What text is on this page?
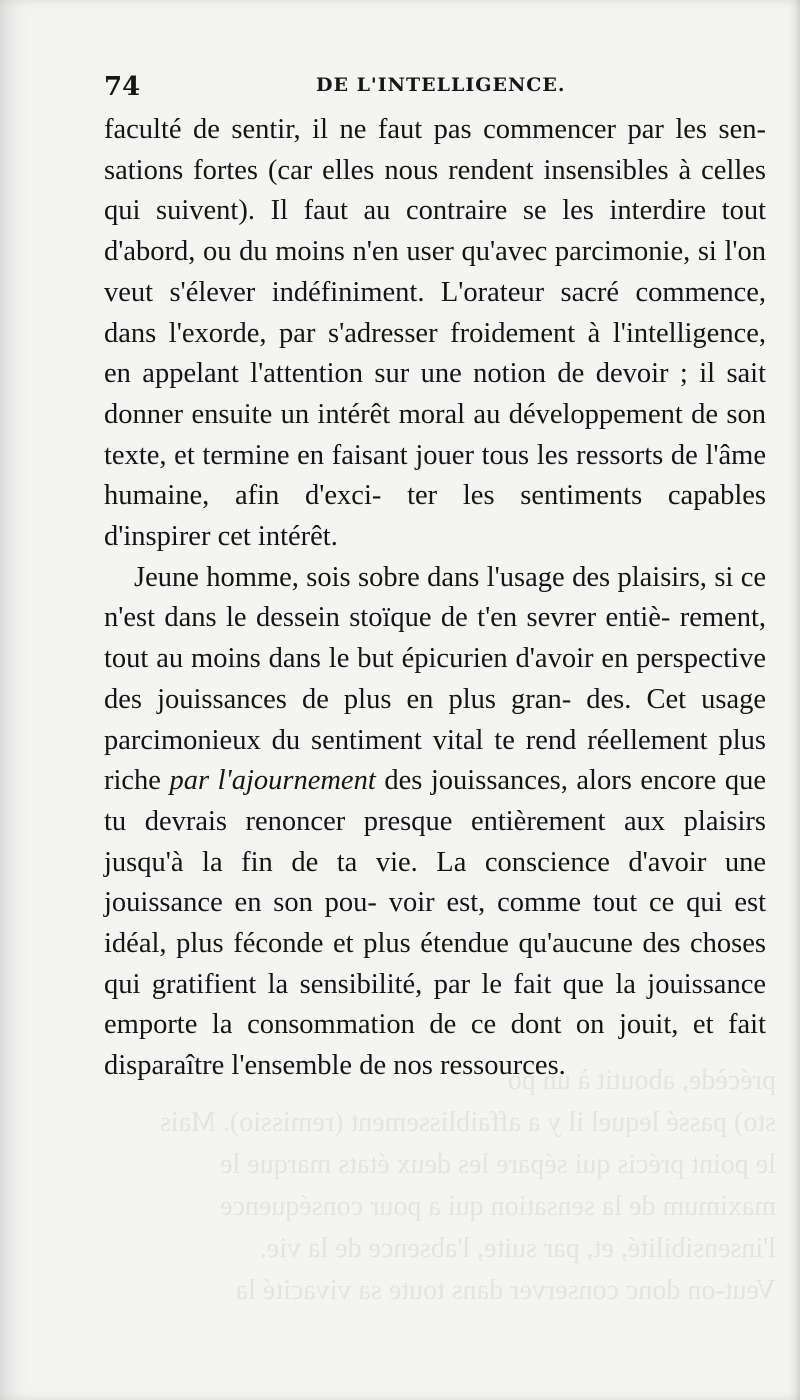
74	DE L'INTELLIGENCE.

faculté de sentir, il ne faut pas commencer par les sen- sations fortes (car elles nous rendent insensibles à celles qui suivent). Il faut au contraire se les interdire tout d'abord, ou du moins n'en user qu'avec parcimonie, si l'on veut s'élever indéfiniment. L'orateur sacré commence, dans l'exorde, par s'adresser froidement à l'intelligence, en appelant l'attention sur une notion de devoir ; il sait donner ensuite un intérêt moral au développement de son texte, et termine en faisant jouer tous les ressorts de l'âme humaine, afin d'exci- ter les sentiments capables d'inspirer cet intérêt.

Jeune homme, sois sobre dans l'usage des plaisirs, si ce n'est dans le dessein stoïque de t'en sevrer entiè- rement, tout au moins dans le but épicurien d'avoir en perspective des jouissances de plus en plus gran- des. Cet usage parcimonieux du sentiment vital te rend réellement plus riche par l'ajournement des jouissances, alors encore que tu devrais renoncer presque entièrement aux plaisirs jusqu'à la fin de ta vie. La conscience d'avoir une jouissance en son pou- voir est, comme tout ce qui est idéal, plus féconde et plus étendue qu'aucune des choses qui gratifient la sensibilité, par le fait que la jouissance emporte la consommation de ce dont on jouit, et fait disparaître l'ensemble de nos ressources.

précède, aboutit à un po
sto) passé lequel il y a affaiblissement (remissio). Mais
le point précis qui sépare les deux états marque le
maximum de la sensation qui a pour conséquence
l'insensibilité, et, par suite, l'absence de la vie.
Veut-on donc conserver dans toute sa vivacité la
